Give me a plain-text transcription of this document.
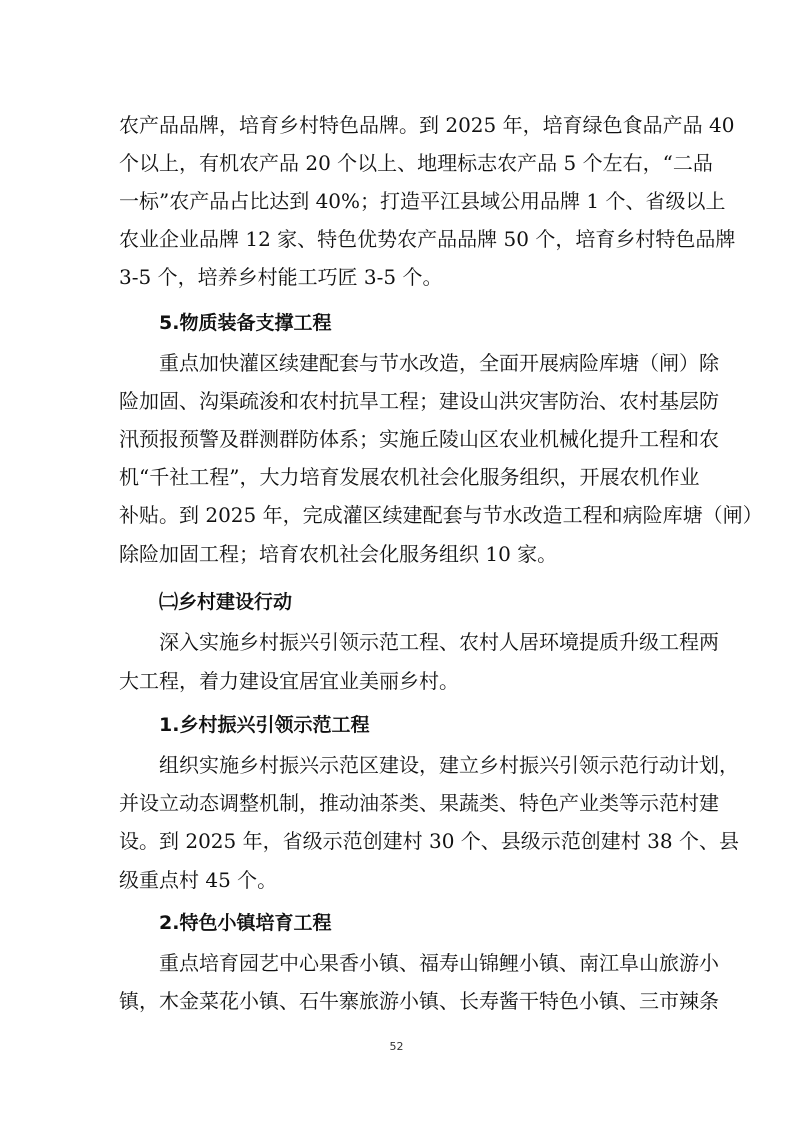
农产品品牌，培育乡村特色品牌。到 2025 年，培育绿色食品产品 40
个以上，有机农产品 20 个以上、地理标志农产品 5 个左右，“二品
一标”农产品占比达到 40%；打造平江县域公用品牌 1 个、省级以上
农业企业品牌 12 家、特色优势农产品品牌 50 个，培育乡村特色品牌
3-5 个，培养乡村能工巧匠 3-5 个。
5.物质装备支撑工程
重点加快灌区续建配套与节水改造，全面开展病险库塘（闸）除
险加固、沟渠疏浚和农村抗旱工程；建设山洪灾害防治、农村基层防
汛预报预警及群测群防体系；实施丘陵山区农业机械化提升工程和农
机“千社工程”，大力培育发展农机社会化服务组织，开展农机作业
补贴。到 2025 年，完成灌区续建配套与节水改造工程和病险库塘（闸）
除险加固工程；培育农机社会化服务组织 10 家。
㈡乡村建设行动
深入实施乡村振兴引领示范工程、农村人居环境提质升级工程两
大工程，着力建设宜居宜业美丽乡村。
1.乡村振兴引领示范工程
组织实施乡村振兴示范区建设，建立乡村振兴引领示范行动计划，
并设立动态调整机制，推动油茶类、果蔬类、特色产业类等示范村建
设。到 2025 年，省级示范创建村 30 个、县级示范创建村 38 个、县
级重点村 45 个。
2.特色小镇培育工程
重点培育园艺中心果香小镇、福寿山锦鲤小镇、南江阜山旅游小
镇，木金菜花小镇、石牛寨旅游小镇、长寿酱干特色小镇、三市辣条
52
